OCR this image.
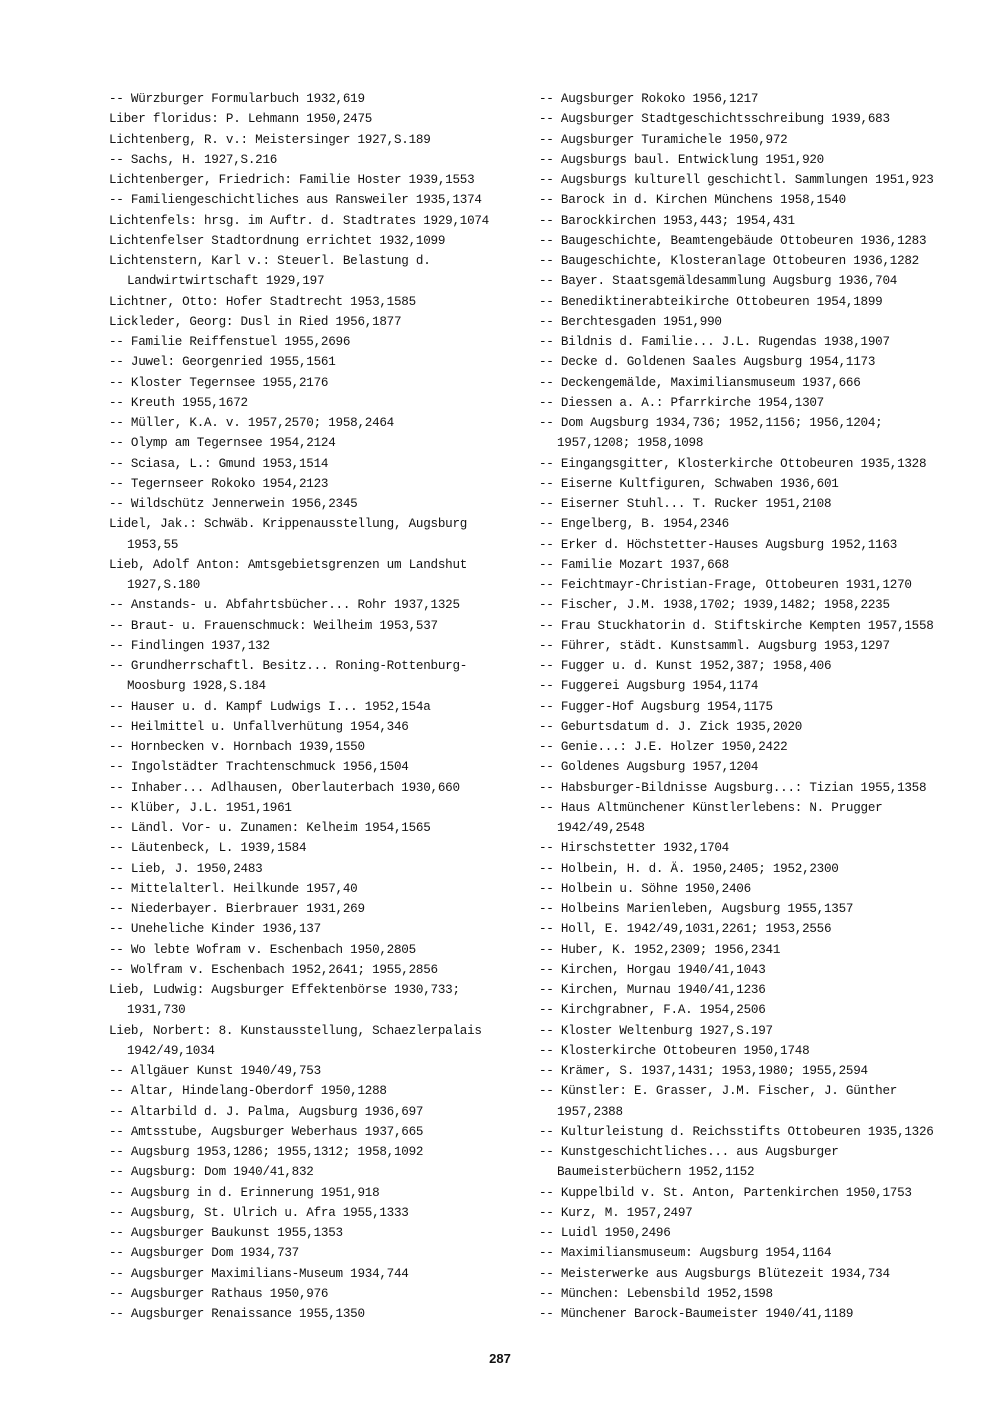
-- Würzburger Formularbuch 1932,619
Liber floridus: P. Lehmann 1950,2475
Lichtenberg, R. v.: Meistersinger 1927,S.189
-- Sachs, H. 1927,S.216
Lichtenberger, Friedrich: Familie Hoster 1939,1553
-- Familiengeschichtliches aus Ransweiler 1935,1374
Lichtenfels: hrsg. im Auftr. d. Stadtrates 1929,1074
Lichtenfelser Stadtordnung errichtet 1932,1099
Lichtenstern, Karl v.: Steuerl. Belastung d. Landwirtwirtschaft 1929,197
Lichtner, Otto: Hofer Stadtrecht 1953,1585
Lickleder, Georg: Dusl in Ried 1956,1877
-- Familie Reiffenstuel 1955,2696
-- Juwel: Georgenried 1955,1561
-- Kloster Tegernsee 1955,2176
-- Kreuth 1955,1672
-- Müller, K.A. v. 1957,2570; 1958,2464
-- Olymp am Tegernsee 1954,2124
-- Sciasa, L.: Gmund 1953,1514
-- Tegernseer Rokoko 1954,2123
-- Wildschütz Jennerwein 1956,2345
Lidel, Jak.: Schwäb. Krippenausstellung, Augsburg 1953,55
Lieb, Adolf Anton: Amtsgebietsgrenzen um Landshut 1927,S.180
-- Anstands- u. Abfahrtsbücher... Rohr 1937,1325
-- Braut- u. Frauenschmuck: Weilheim 1953,537
-- Findlingen 1937,132
-- Grundherrschaftl. Besitz... Roning-Rottenburg-Moosburg 1928,S.184
-- Hauser u. d. Kampf Ludwigs I... 1952,154a
-- Heilmittel u. Unfallverhütung 1954,346
-- Hornbecken v. Hornbach 1939,1550
-- Ingolstädter Trachtenschmuck 1956,1504
-- Inhaber... Adlhausen, Oberlauterbach 1930,660
-- Klüber, J.L. 1951,1961
-- Ländl. Vor- u. Zunamen: Kelheim 1954,1565
-- Läutenbeck, L. 1939,1584
-- Lieb, J. 1950,2483
-- Mittelalterl. Heilkunde 1957,40
-- Niederbayer. Bierbrauer 1931,269
-- Uneheliche Kinder 1936,137
-- Wo lebte Wofram v. Eschenbach 1950,2805
-- Wolfram v. Eschenbach 1952,2641; 1955,2856
Lieb, Ludwig: Augsburger Effektenbörse 1930,733; 1931,730
Lieb, Norbert: 8. Kunstausstellung, Schaezlerpalais 1942/49,1034
-- Allgäuer Kunst 1940/49,753
-- Altar, Hindelang-Oberdorf 1950,1288
-- Altarbild d. J. Palma, Augsburg 1936,697
-- Amtsstube, Augsburger Weberhaus 1937,665
-- Augsburg 1953,1286; 1955,1312; 1958,1092
-- Augsburg: Dom 1940/41,832
-- Augsburg in d. Erinnerung 1951,918
-- Augsburg, St. Ulrich u. Afra 1955,1333
-- Augsburger Baukunst 1955,1353
-- Augsburger Dom 1934,737
-- Augsburger Maximilians-Museum 1934,744
-- Augsburger Rathaus 1950,976
-- Augsburger Renaissance 1955,1350
-- Augsburger Rokoko 1956,1217
-- Augsburger Stadtgeschichtsschreibung 1939,683
-- Augsburger Turamichele 1950,972
-- Augsburgs baul. Entwicklung 1951,920
-- Augsburgs kulturell geschichtl. Sammlungen 1951,923
-- Barock in d. Kirchen Münchens 1958,1540
-- Barockkirchen 1953,443; 1954,431
-- Baugeschichte, Beamtengebäude Ottobeuren 1936,1283
-- Baugeschichte, Klosteranlage Ottobeuren 1936,1282
-- Bayer. Staatsgemäldesammlung Augsburg 1936,704
-- Benediktinerabteikirche Ottobeuren 1954,1899
-- Berchtesgaden 1951,990
-- Bildnis d. Familie... J.L. Rugendas 1938,1907
-- Decke d. Goldenen Saales Augsburg 1954,1173
-- Deckengemälde, Maximiliansmuseum 1937,666
-- Diessen a. A.: Pfarrkirche 1954,1307
-- Dom Augsburg 1934,736; 1952,1156; 1956,1204; 1957,1208; 1958,1098
-- Eingangsgitter, Klosterkirche Ottobeuren 1935,1328
-- Eiserne Kultfiguren, Schwaben 1936,601
-- Eiserner Stuhl... T. Rucker 1951,2108
-- Engelberg, B. 1954,2346
-- Erker d. Höchstetter-Hauses Augsburg 1952,1163
-- Familie Mozart 1937,668
-- Feichtmayr-Christian-Frage, Ottobeuren 1931,1270
-- Fischer, J.M. 1938,1702; 1939,1482; 1958,2235
-- Frau Stuckhatorin d. Stiftskirche Kempten 1957,1558
-- Führer, städt. Kunstsamml. Augsburg 1953,1297
-- Fugger u. d. Kunst 1952,387; 1958,406
-- Fuggerei Augsburg 1954,1174
-- Fugger-Hof Augsburg 1954,1175
-- Geburtsdatum d. J. Zick 1935,2020
-- Genie...: J.E. Holzer 1950,2422
-- Goldenes Augsburg 1957,1204
-- Habsburger-Bildnisse Augsburg...: Tizian 1955,1358
-- Haus Altmünchener Künstlerlebens: N. Prugger 1942/49,2548
-- Hirschstetter 1932,1704
-- Holbein, H. d. Ä. 1950,2405; 1952,2300
-- Holbein u. Söhne 1950,2406
-- Holbeins Marienleben, Augsburg 1955,1357
-- Holl, E. 1942/49,1031,2261; 1953,2556
-- Huber, K. 1952,2309; 1956,2341
-- Kirchen, Horgau 1940/41,1043
-- Kirchen, Murnau 1940/41,1236
-- Kirchgrabner, F.A. 1954,2506
-- Kloster Weltenburg 1927,S.197
-- Klosterkirche Ottobeuren 1950,1748
-- Krämer, S. 1937,1431; 1953,1980; 1955,2594
-- Künstler: E. Grasser, J.M. Fischer, J. Günther 1957,2388
-- Kulturleistung d. Reichsstifts Ottobeuren 1935,1326
-- Kunstgeschichtliches... aus Augsburger Baumeisterbüchern 1952,1152
-- Kuppelbild v. St. Anton, Partenkirchen 1950,1753
-- Kurz, M. 1957,2497
-- Luidl 1950,2496
-- Maximiliansmuseum: Augsburg 1954,1164
-- Meisterwerke aus Augsburgs Blütezeit 1934,734
-- München: Lebensbild 1952,1598
-- Münchener Barock-Baumeister 1940/41,1189
287
